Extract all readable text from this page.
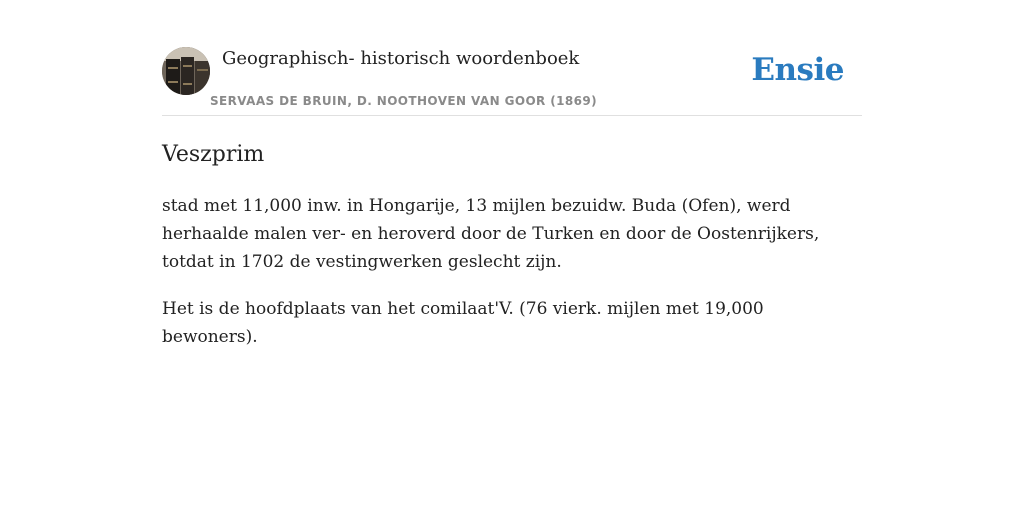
Geographisch- historisch woordenboek
SERVAAS DE BRUIN, D. NOOTHOVEN VAN GOOR (1869)
Ensie
Veszprim

stad met 11,000 inw. in Hongarije, 13 mijlen bezuidw. Buda (Ofen), werd herhaalde malen ver- en heroverd door de Turken en door de Oostenrijkers, totdat in 1702 de vestingwerken geslecht zijn.

Het is de hoofdplaats van het comilaat'V. (76 vierk. mijlen met 19,000 bewoners).
